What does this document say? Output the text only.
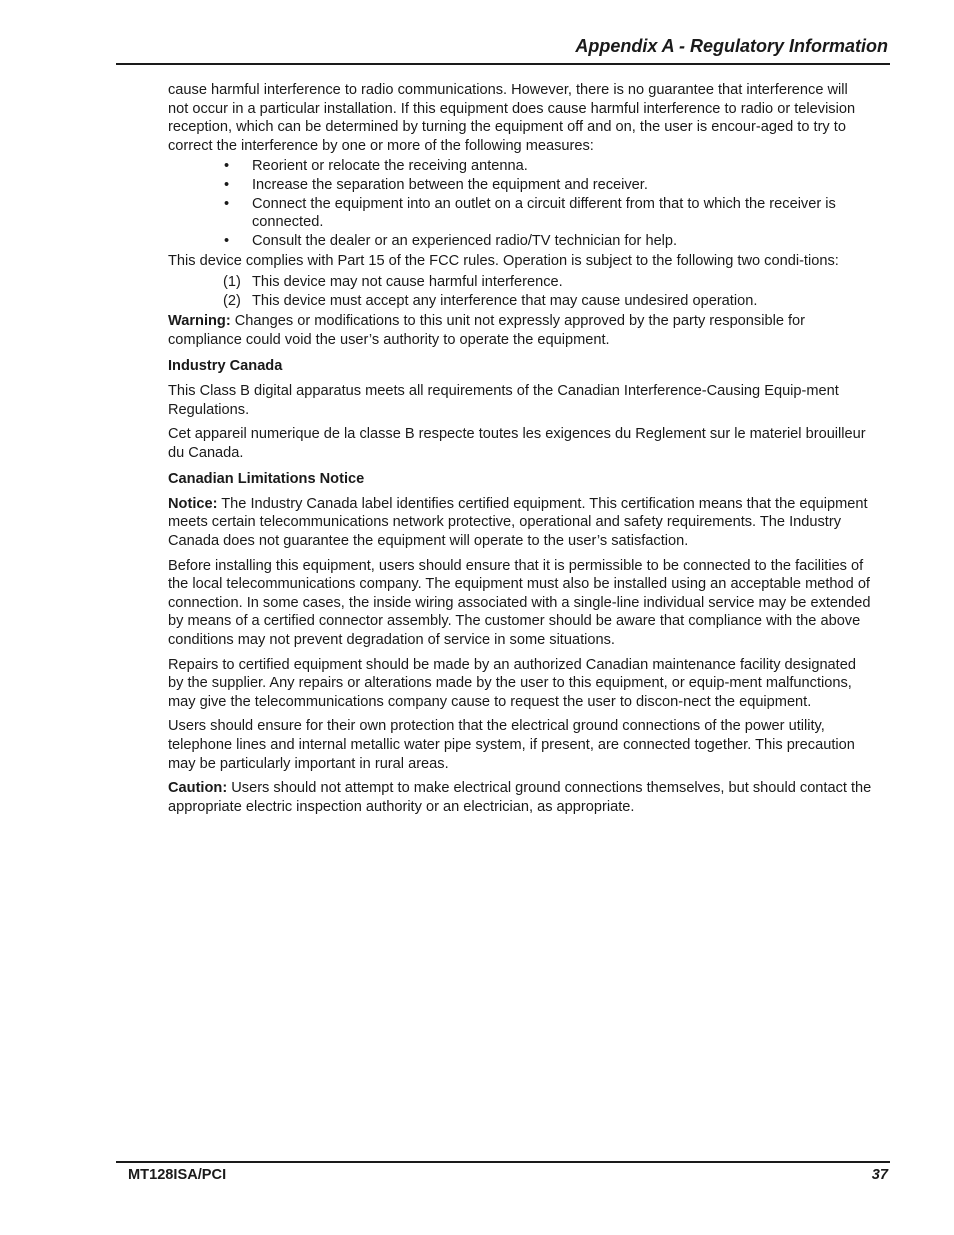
Appendix A - Regulatory Information

cause harmful interference to radio communications. However, there is no guarantee that interference will not occur in a particular installation. If this equipment does cause harmful interference to radio or television reception, which can be determined by turning the equipment off and on, the user is encour-aged to try to correct the interference by one or more of the following measures:

• Reorient or relocate the receiving antenna.
• Increase the separation between the equipment and receiver.
• Connect the equipment into an outlet on a circuit different from that to which the receiver is connected.
• Consult the dealer or an experienced radio/TV technician for help.

This device complies with Part 15 of the FCC rules. Operation is subject to the following two condi-tions:

(1) This device may not cause harmful interference.
(2) This device must accept any interference that may cause undesired operation.

Warning: Changes or modifications to this unit not expressly approved by the party responsible for compliance could void the user’s authority to operate the equipment.

Industry Canada

This Class B digital apparatus meets all requirements of the Canadian Interference-Causing Equip-ment Regulations.

Cet appareil numerique de la classe B respecte toutes les exigences du Reglement sur le materiel brouilleur du Canada.

Canadian Limitations Notice

Notice: The Industry Canada label identifies certified equipment. This certification means that the equipment meets certain telecommunications network protective, operational and safety requirements. The Industry Canada does not guarantee the equipment will operate to the user’s satisfaction.

Before installing this equipment, users should ensure that it is permissible to be connected to the facilities of the local telecommunications company. The equipment must also be installed using an acceptable method of connection. In some cases, the inside wiring associated with a single-line individual service may be extended by means of a certified connector assembly. The customer should be aware that compliance with the above conditions may not prevent degradation of service in some situations.

Repairs to certified equipment should be made by an authorized Canadian maintenance facility designated by the supplier. Any repairs or alterations made by the user to this equipment, or equip-ment malfunctions, may give the telecommunications company cause to request the user to discon-nect the equipment.

Users should ensure for their own protection that the electrical ground connections of the power utility, telephone lines and internal metallic water pipe system, if present, are connected together. This precaution may be particularly important in rural areas.

Caution: Users should not attempt to make electrical ground connections themselves, but should contact the appropriate electric inspection authority or an electrician, as appropriate.

MT128ISA/PCI	37
